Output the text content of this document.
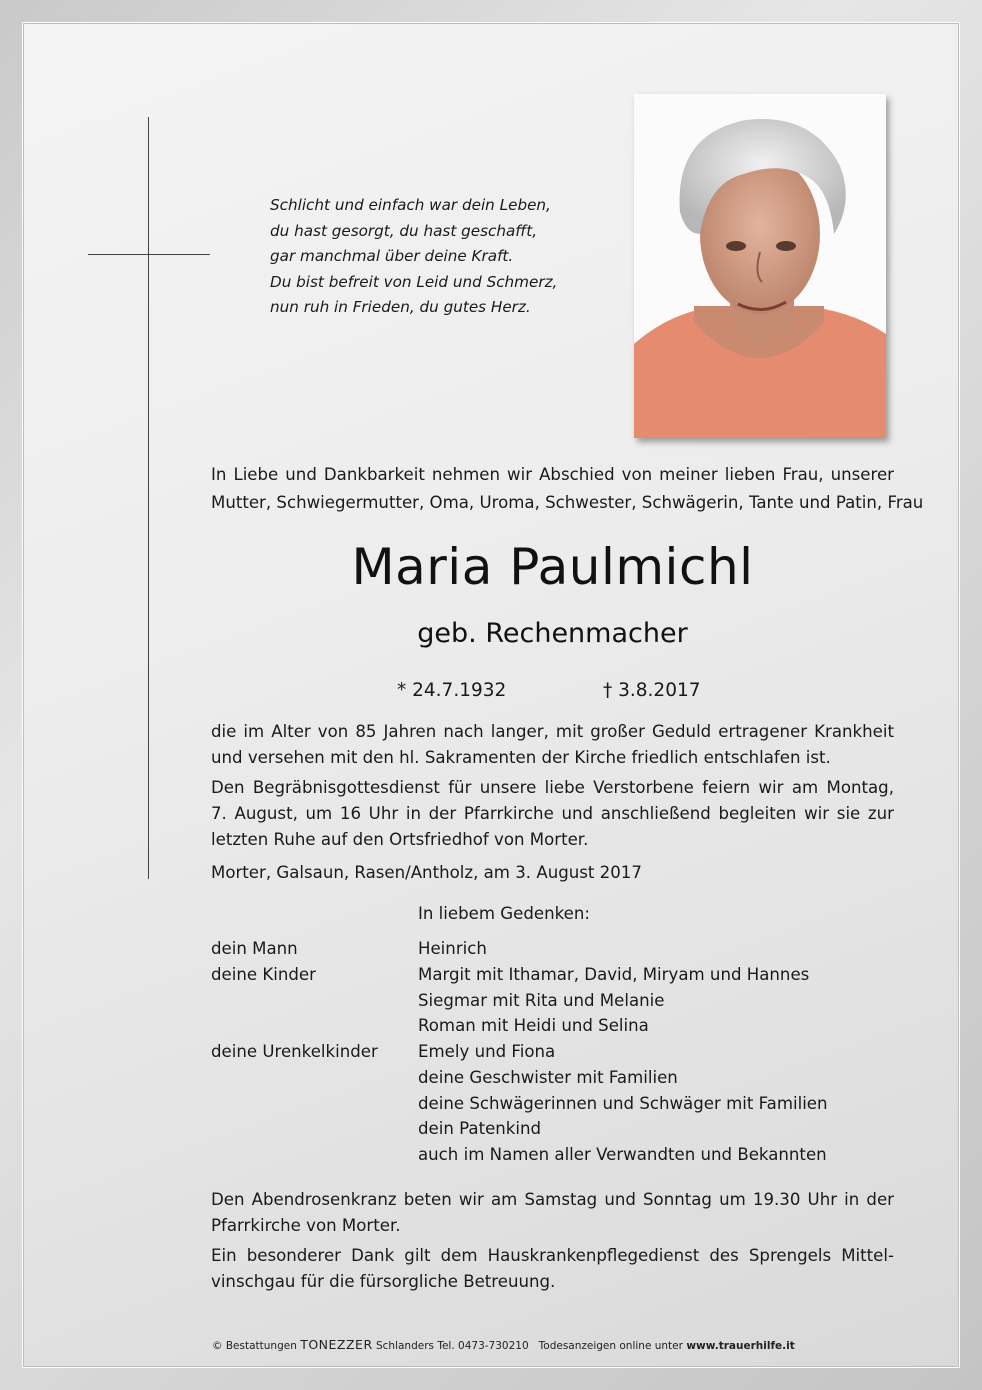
Schlicht und einfach war dein Leben,
du hast gesorgt, du hast geschafft,
gar manchmal über deine Kraft.
Du bist befreit von Leid und Schmerz,
nun ruh in Frieden, du gutes Herz.
In Liebe und Dankbarkeit nehmen wir Abschied von meiner lieben Frau, unserer
Mutter, Schwiegermutter, Oma, Uroma, Schwester, Schwägerin, Tante und Patin, Frau
Maria Paulmichl
geb. Rechenmacher
* 24.7.1932	† 3.8.2017
die im Alter von 85 Jahren nach langer, mit großer Geduld ertragener Krankheit
und versehen mit den hl. Sakramenten der Kirche friedlich entschlafen ist.
Den Begräbnisgottesdienst für unsere liebe Verstorbene feiern wir am Montag,
7. August, um 16 Uhr in der Pfarrkirche und anschließend begleiten wir sie zur
letzten Ruhe auf den Ortsfriedhof von Morter.
Morter, Galsaun, Rasen/Antholz, am 3. August 2017
In liebem Gedenken:
dein Mann
deine Kinder
deine Urenkelkinder
Heinrich
Margit mit Ithamar, David, Miryam und Hannes
Siegmar mit Rita und Melanie
Roman mit Heidi und Selina
Emely und Fiona
deine Geschwister mit Familien
deine Schwägerinnen und Schwäger mit Familien
dein Patenkind
auch im Namen aller Verwandten und Bekannten
Den Abendrosenkranz beten wir am Samstag und Sonntag um 19.30 Uhr in der
Pfarrkirche von Morter.
Ein besonderer Dank gilt dem Hauskrankenpflegedienst des Sprengels Mittel-
vinschgau für die fürsorgliche Betreuung.
© Bestattungen TONEZZER Schlanders Tel. 0473-730210 Todesanzeigen online unter www.trauerhilfe.it
